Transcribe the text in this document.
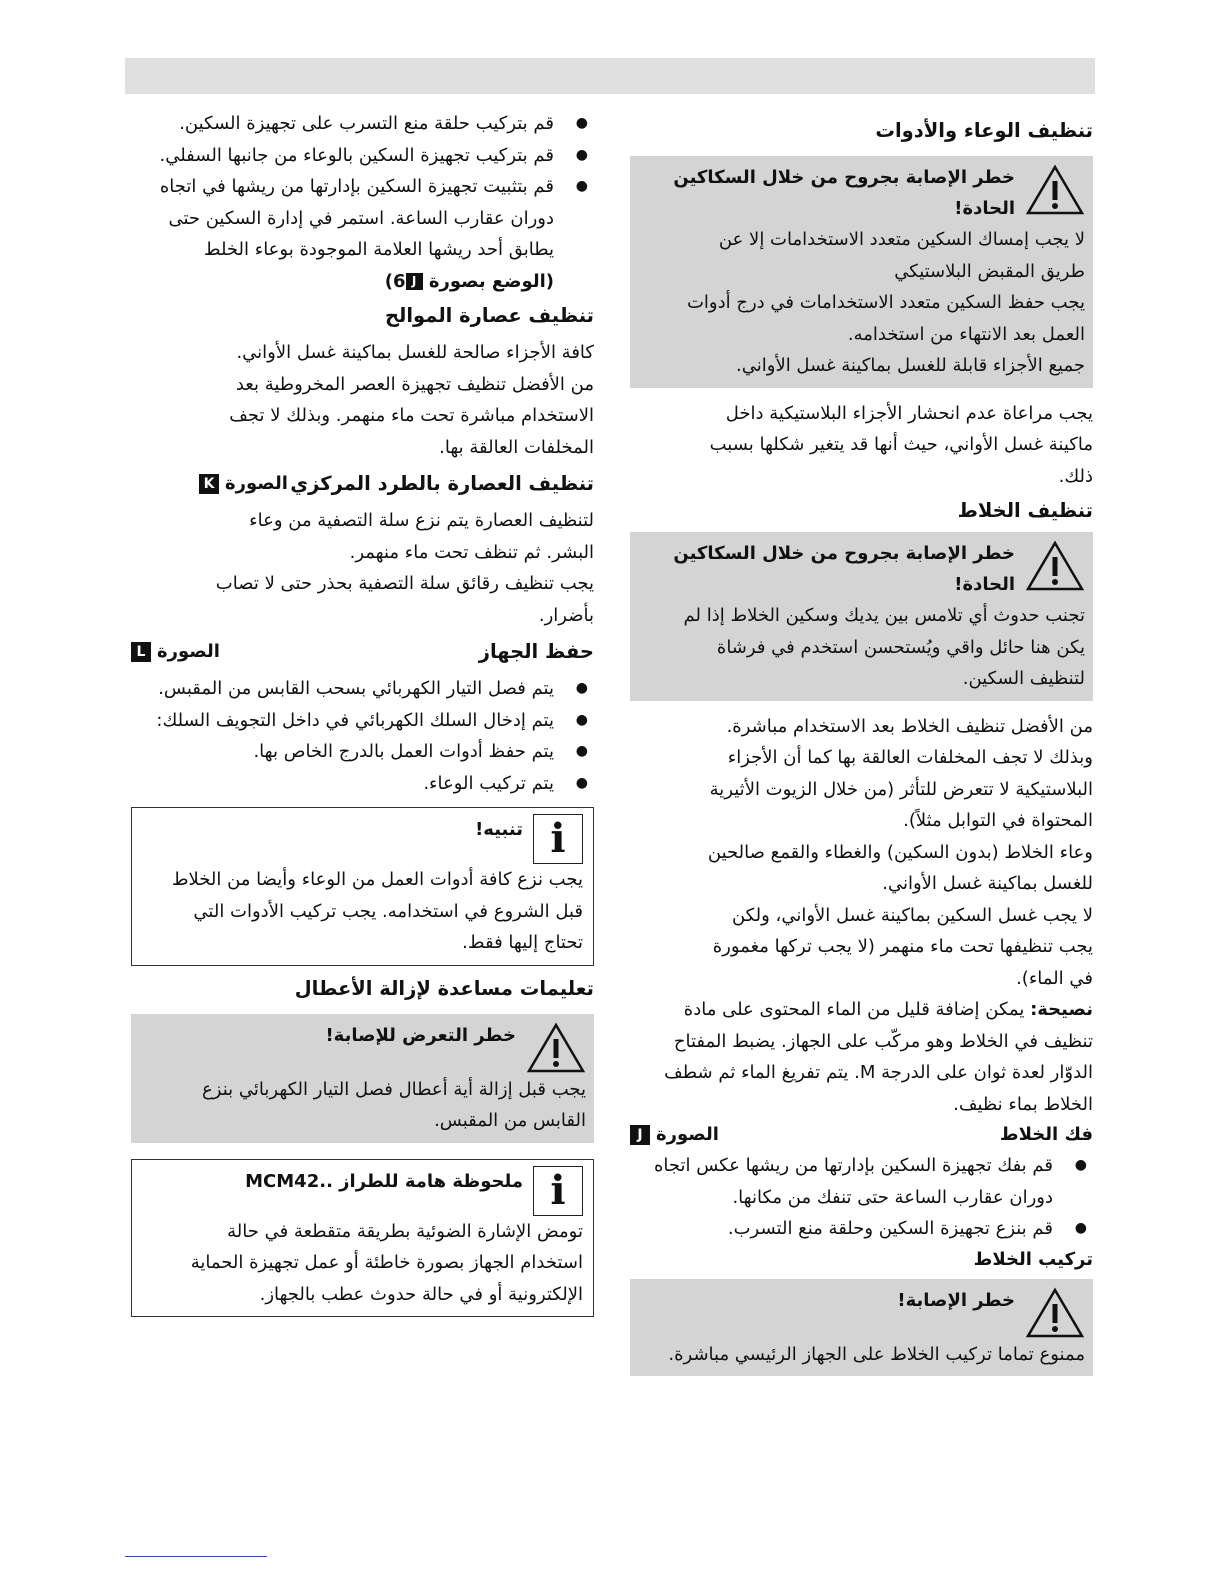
تنظيف الوعاء والأدوات
خطر الإصابة بجروح من خلال السكاكين الحادة!

لا يجب إمساك السكين متعدد الاستخدامات إلا عن

طريق المقبض البلاستيكي

يجب حفظ السكين متعدد الاستخدامات في درج أدوات

العمل بعد الانتهاء من استخدامه.

جميع الأجزاء قابلة للغسل بماكينة غسل الأواني.

يجب مراعاة عدم انحشار الأجزاء البلاستيكية داخل

ماكينة غسل الأواني، حيث أنها قد يتغير شكلها بسبب

ذلك.

تنظيف الخلاط
خطر الإصابة بجروح من خلال السكاكين الحادة!

تجنب حدوث أي تلامس بين يديك وسكين الخلاط إذا لم

يكن هنا حائل واقي ويُستحسن استخدم في فرشاة

لتنظيف السكين.

من الأفضل تنظيف الخلاط بعد الاستخدام مباشرة.

وبذلك لا تجف المخلفات العالقة بها كما أن الأجزاء

البلاستيكية لا تتعرض للتأثر (من خلال الزيوت الأثيرية

المحتواة في التوابل مثلاً).

وعاء الخلاط (بدون السكين) والغطاء والقمع صالحين

للغسل بماكينة غسل الأواني.

لا يجب غسل السكين بماكينة غسل الأواني، ولكن

يجب تنظيفها تحت ماء منهمر (لا يجب تركها مغمورة

في الماء).

نصيحة: يمكن إضافة قليل من الماء المحتوى على مادة

تنظيف في الخلاط وهو مركّب على الجهاز. يضبط المفتاح

الدوّار لعدة ثوان على الدرجة M. يتم تفريغ الماء ثم شطف

الخلاط بماء نظيف.

فك الخلاط
الصورة
J
●
قم بفك تجهيزة السكين بإدارتها من ريشها عكس اتجاه دوران عقارب الساعة حتى تنفك من مكانها.
●
قم بنزع تجهيزة السكين وحلقة منع التسرب.
تركيب الخلاط
خطر الإصابة!

ممنوع تماما تركيب الخلاط على الجهاز الرئيسي مباشرة.

●
قم بتركيب حلقة منع التسرب على تجهيزة السكين.
●
قم بتركيب تجهيزة السكين بالوعاء من جانبها السفلي.
●
قم بتثبيت تجهيزة السكين بإدارتها من ريشها في اتجاه دوران عقارب الساعة. استمر في إدارة السكين حتى يطابق أحد ريشها العلامة الموجودة بوعاء الخلط

(الوضع بصورة J6)

تنظيف عصارة الموالح

كافة الأجزاء صالحة للغسل بماكينة غسل الأواني.

من الأفضل تنظيف تجهيزة العصر المخروطية بعد

الاستخدام مباشرة تحت ماء منهمر. وبذلك لا تجف

المخلفات العالقة بها.

تنظيف العصارة بالطرد المركزي
الصورة
K

لتنظيف العصارة يتم نزع سلة التصفية من وعاء

البشر. ثم تنظف تحت ماء منهمر.

يجب تنظيف رقائق سلة التصفية بحذر حتى لا تصاب

بأضرار.

حفظ الجهاز
الصورة
L
●
يتم فصل التيار الكهربائي بسحب القابس من المقبس.
●
يتم إدخال السلك الكهربائي في داخل التجويف السلك:
●
يتم حفظ أدوات العمل بالدرج الخاص بها.
●
يتم تركيب الوعاء.
i
تنبيه!

يجب نزع كافة أدوات العمل من الوعاء وأيضا من الخلاط

قبل الشروع في استخدامه. يجب تركيب الأدوات التي

تحتاج إليها فقط.

تعليمات مساعدة لإزالة الأعطال
خطر التعرض للإصابة!

يجب قبل إزالة أية أعطال فصل التيار الكهربائي بنزع

القابس من المقبس.

i
ملحوظة هامة للطراز ..MCM42

تومض الإشارة الضوئية بطريقة متقطعة في حالة

استخدام الجهاز بصورة خاطئة أو عمل تجهيزة الحماية

الإلكترونية أو في حالة حدوث عطب بالجهاز.
